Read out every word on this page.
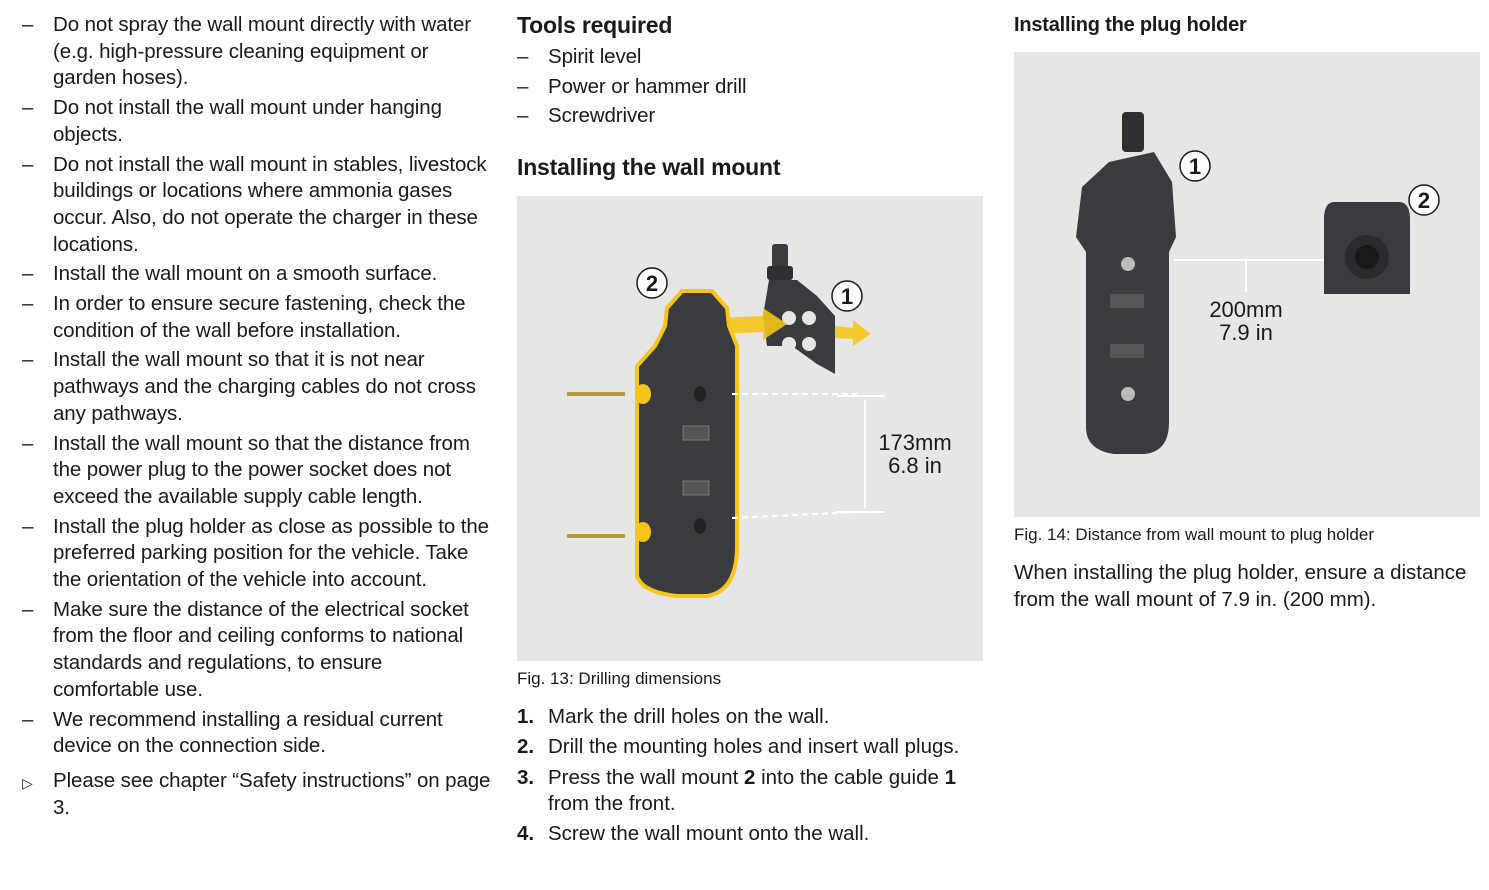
– Do not spray the wall mount directly with water (e.g. high-pressure cleaning equipment or garden hoses).
– Do not install the wall mount under hanging objects.
– Do not install the wall mount in stables, livestock buildings or locations where ammonia gases occur. Also, do not operate the charger in these locations.
– Install the wall mount on a smooth surface.
– In order to ensure secure fastening, check the condition of the wall before installation.
– Install the wall mount so that it is not near pathways and the charging cables do not cross any pathways.
– Install the wall mount so that the distance from the power plug to the power socket does not exceed the available supply cable length.
– Install the plug holder as close as possible to the preferred parking position for the vehicle. Take the orientation of the vehicle into account.
– Make sure the distance of the electrical socket from the floor and ceiling conforms to national standards and regulations, to ensure comfortable use.
– We recommend installing a residual current device on the connection side.
▷ Please see chapter “Safety instructions” on page 3.
Tools required
– Spirit level
– Power or hammer drill
– Screwdriver
Installing the wall mount
173mm
6.8 in
1
2
Fig. 13: Drilling dimensions
1. Mark the drill holes on the wall.
2. Drill the mounting holes and insert wall plugs.
3. Press the wall mount 2 into the cable guide 1 from the front.
4. Screw the wall mount onto the wall.
Installing the plug holder
200mm
7.9 in
1
2
Fig. 14: Distance from wall mount to plug holder
When installing the plug holder, ensure a distance from the wall mount of 7.9 in. (200 mm).
